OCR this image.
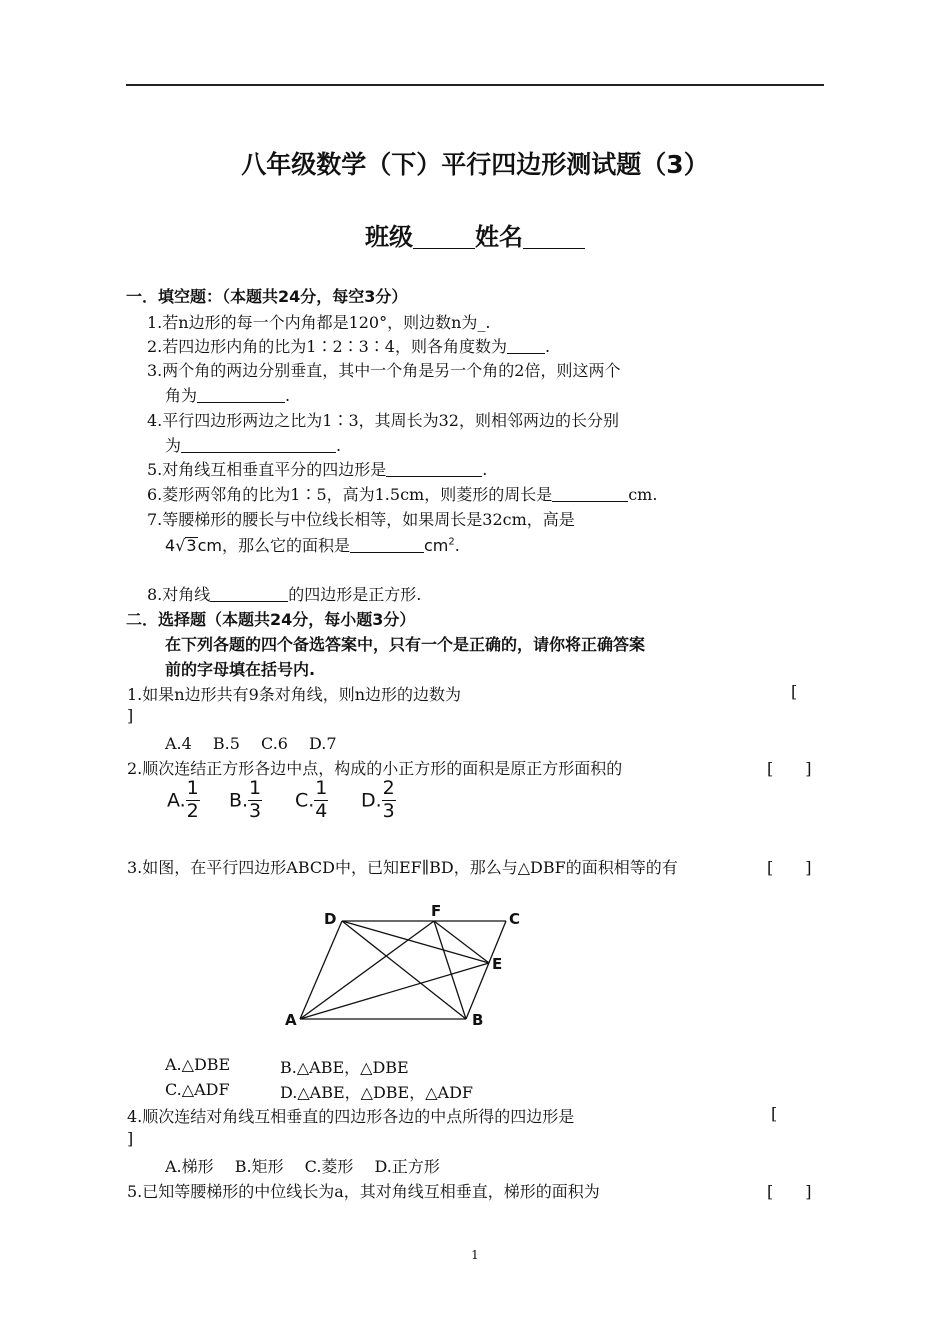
八年级数学（下）平行四边形测试题（3）
班级	姓名
一．填空题：（本题共24分，每空3分）
1.若n边形的每一个内角都是120°，则边数n为_.
2.若四边形内角的比为1∶2∶3∶4，则各角度数为 .
3.两个角的两边分别垂直，其中一个角是另一个角的2倍，则这两个
角为	.
4.平行四边形两边之比为1∶3，其周长为32，则相邻两边的长分别
为	.
5.对角线互相垂直平分的四边形是	.
6.菱形两邻角的比为1∶5，高为1.5cm，则菱形的周长是	cm.
7.等腰梯形的腰长与中位线长相等，如果周长是32cm，高是
4√3cm，那么它的面积是	$cm^2$.
8.对角线	的四边形是正方形.
二．选择题（本题共24分，每小题3分）
在下列各题的四个备选答案中，只有一个是正确的，请你将正确答案
前的字母填在括号内.
1.如果n边形共有9条对角线，则n边形的边数为	[
]
A.4　 B.5　 C.6　 D.7
2.顺次连结正方形各边中点，构成的小正方形的面积是原正方形面积的	[　　]
A. $\frac{1}{2} B$. $\frac{1}{3} C$. $\frac{1}{4} D$. $\frac{2}{3}$
3.如图，在平行四边形ABCD中，已知EF∥BD，那么与△DBF的面积相等的有	[　　]
D	F	C
E
A	B
A.△DBE	B.△ABE，△DBE
C.△ADF	D.△ABE，△DBE，△ADF
4.顺次连结对角线互相垂直的四边形各边的中点所得的四边形是	[
]
A.梯形　 B.矩形　 C.菱形　 D.正方形
5.已知等腰梯形的中位线长为a，其对角线互相垂直，梯形的面积为	[　　]
1
